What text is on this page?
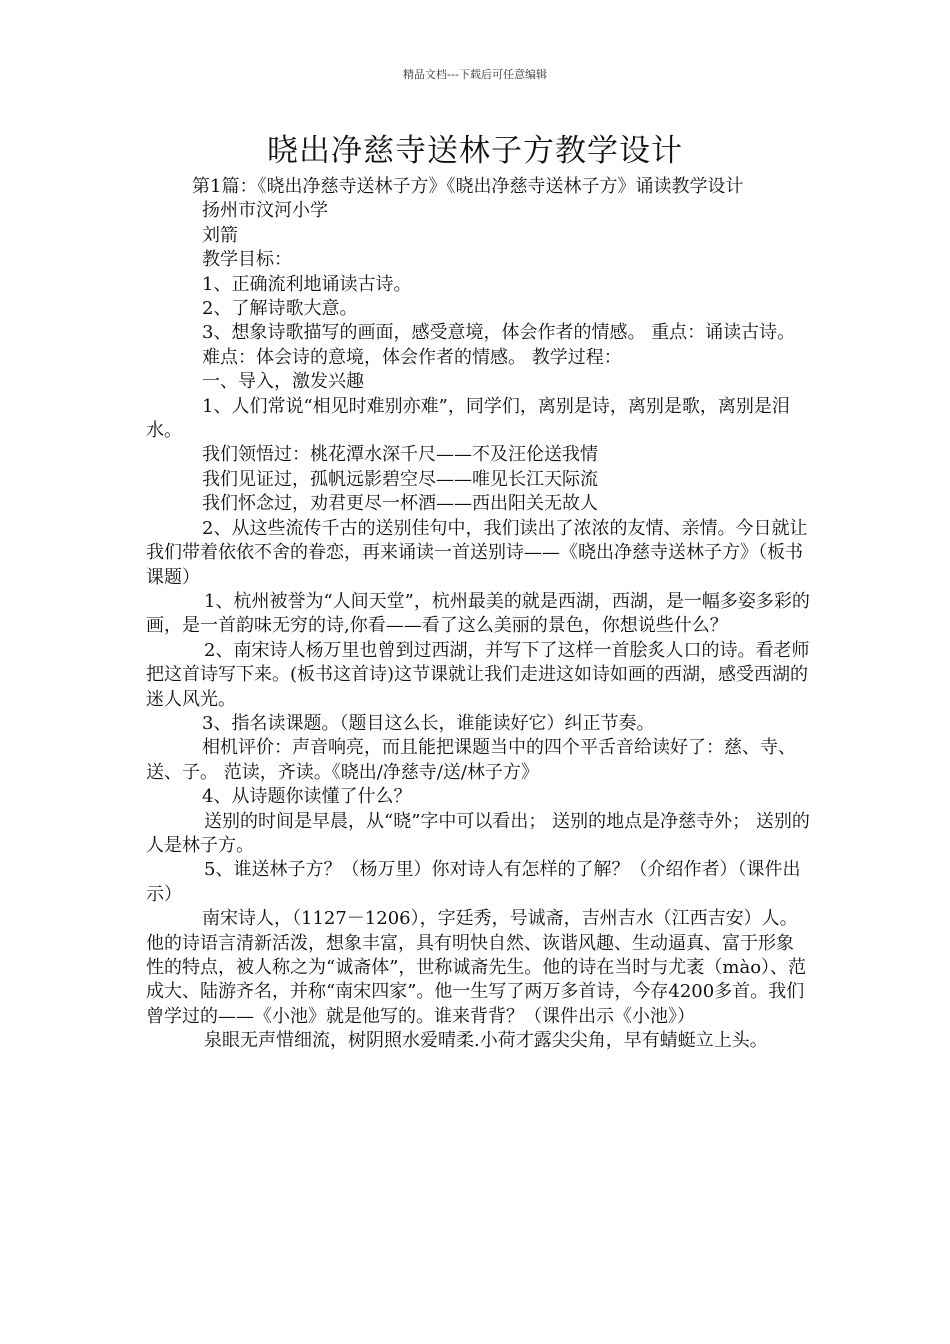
精品文档---下载后可任意编辑
晓出净慈寺送林子方教学设计

第1篇：《晓出净慈寺送林子方》《晓出净慈寺送林子方》诵读教学设计

扬州市汶河小学

刘箭

教学目标：

1、正确流利地诵读古诗。

2、了解诗歌大意。

3、想象诗歌描写的画面，感受意境，体会作者的情感。 重点：诵读古诗。

难点：体会诗的意境，体会作者的情感。 教学过程：

一、导入，激发兴趣

1、人们常说“相见时难别亦难”，同学们，离别是诗，离别是歌，离别是泪水。

我们领悟过：桃花潭水深千尺——不及汪伦送我情

我们见证过，孤帆远影碧空尽——唯见长江天际流

我们怀念过，劝君更尽一杯酒——西出阳关无故人

2、从这些流传千古的送别佳句中，我们读出了浓浓的友情、亲情。今日就让我们带着依依不舍的眷恋，再来诵读一首送别诗——《晓出净慈寺送林子方》（板书课题）

1、杭州被誉为“人间天堂”，杭州最美的就是西湖，西湖，是一幅多姿多彩的画，是一首韵味无穷的诗,你看——看了这么美丽的景色，你想说些什么？

2、南宋诗人杨万里也曾到过西湖，并写下了这样一首脍炙人口的诗。看老师把这首诗写下来。(板书这首诗)这节课就让我们走进这如诗如画的西湖，感受西湖的迷人风光。

3、指名读课题。（题目这么长，谁能读好它）纠正节奏。

相机评价：声音响亮，而且能把课题当中的四个平舌音给读好了：慈、寺、送、子。 范读，齐读。《晓出/净慈寺/送/林子方》

4、从诗题你读懂了什么？

送别的时间是早晨，从“晓”字中可以看出； 送别的地点是净慈寺外； 送别的人是林子方。

5、谁送林子方？（杨万里）你对诗人有怎样的了解？（介绍作者）（课件出示）

南宋诗人，（1127－1206），字廷秀，号诚斋，吉州吉水（江西吉安）人。他的诗语言清新活泼，想象丰富，具有明快自然、诙谐风趣、生动逼真、富于形象性的特点，被人称之为“诚斋体”，世称诚斋先生。他的诗在当时与尤袤（mào）、范成大、陆游齐名，并称“南宋四家”。他一生写了两万多首诗，今存4200多首。我们曾学过的——《小池》就是他写的。谁来背背？（课件出示《小池》）

泉眼无声惜细流，树阴照水爱晴柔.小荷才露尖尖角，早有蜻蜓立上头。
